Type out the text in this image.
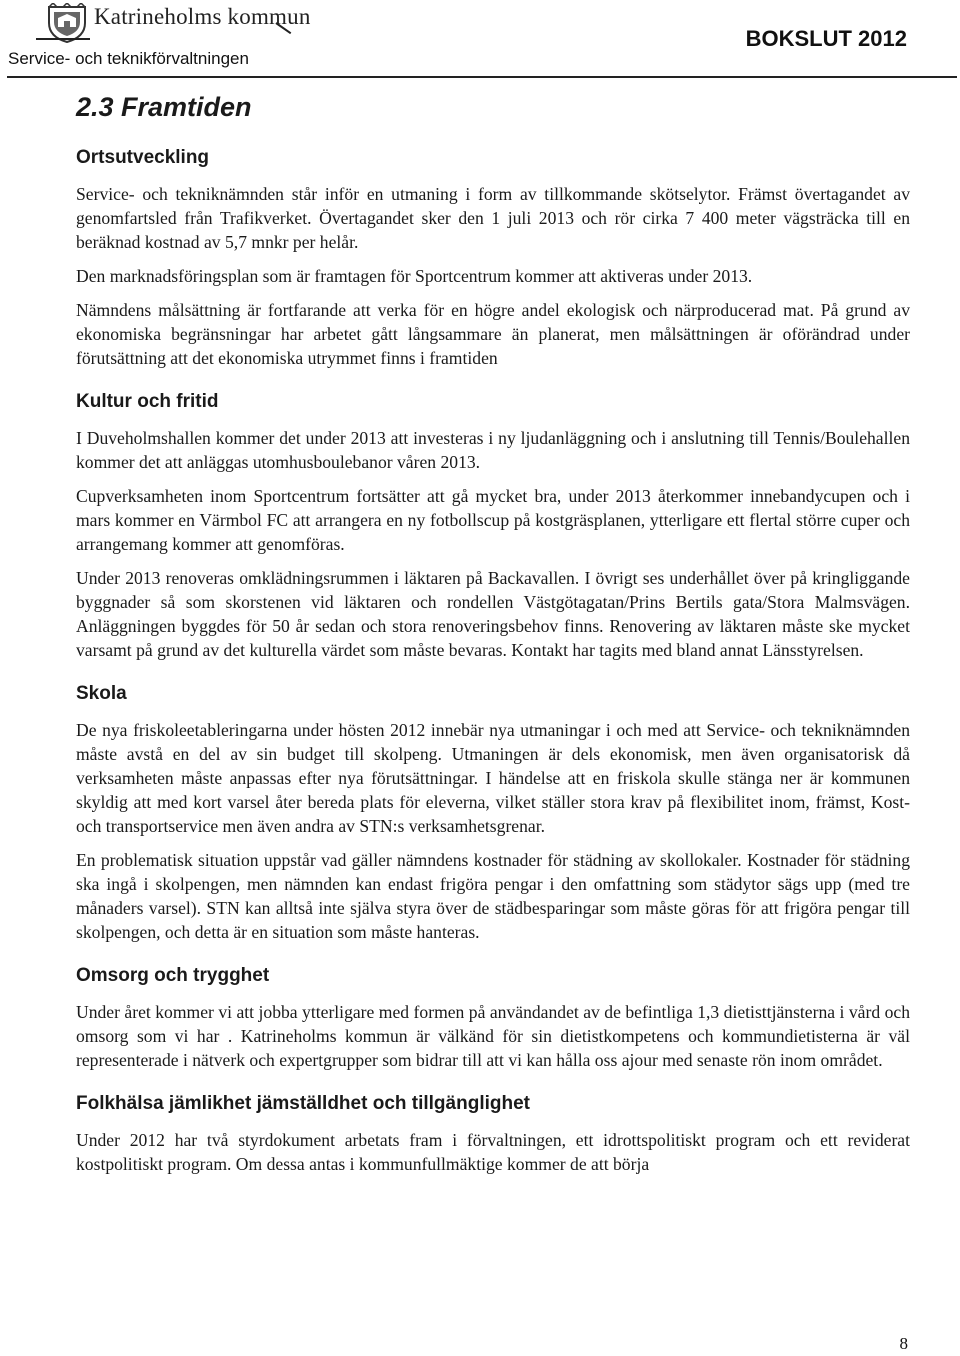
Katrineholms kommun
Service- och teknikförvaltningen
BOKSLUT 2012
2.3 Framtiden
Ortsutveckling

Service- och tekniknämnden står inför en utmaning i form av tillkommande skötselytor. Främst övertagandet av genomfartsled från Trafikverket. Övertagandet sker den 1 juli 2013 och rör cirka 7 400 meter vägsträcka till en beräknad kostnad av 5,7 mnkr per helår.

Den marknadsföringsplan som är framtagen för Sportcentrum kommer att aktiveras under 2013.

Nämndens målsättning är fortfarande att verka för en högre andel ekologisk och närproducerad mat. På grund av ekonomiska begränsningar har arbetet gått långsammare än planerat, men målsättningen är oförändrad under förutsättning att det ekonomiska utrymmet finns i framtiden

Kultur och fritid

I Duveholmshallen kommer det under 2013 att investeras i ny ljudanläggning och i anslutning till Tennis/Boulehallen kommer det att anläggas utomhusboulebanor våren 2013.

Cupverksamheten inom Sportcentrum fortsätter att gå mycket bra, under 2013 återkommer innebandycupen och i mars kommer en Värmbol FC att arrangera en ny fotbollscup på kostgräsplanen, ytterligare ett flertal större cuper och arrangemang kommer att genomföras.

Under 2013 renoveras omklädningsrummen i läktaren på Backavallen. I övrigt ses underhållet över på kringliggande byggnader så som skorstenen vid läktaren och rondellen Västgötagatan/Prins Bertils gata/Stora Malmsvägen. Anläggningen byggdes för 50 år sedan och stora renoveringsbehov finns. Renovering av läktaren måste ske mycket varsamt på grund av det kulturella värdet som måste bevaras. Kontakt har tagits med bland annat Länsstyrelsen.

Skola

De nya friskoleetableringarna under hösten 2012 innebär nya utmaningar i och med att Service- och tekniknämnden måste avstå en del av sin budget till skolpeng. Utmaningen är dels ekonomisk, men även organisatorisk då verksamheten måste anpassas efter nya förutsättningar. I händelse att en friskola skulle stänga ner är kommunen skyldig att med kort varsel åter bereda plats för eleverna, vilket ställer stora krav på flexibilitet inom, främst, Kost- och transportservice men även andra av STN:s verksamhetsgrenar.

En problematisk situation uppstår vad gäller nämndens kostnader för städning av skollokaler. Kostnader för städning ska ingå i skolpengen, men nämnden kan endast frigöra pengar i den omfattning som städytor sägs upp (med tre månaders varsel). STN kan alltså inte själva styra över de städbesparingar som måste göras för att frigöra pengar till skolpengen, och detta är en situation som måste hanteras.

Omsorg och trygghet

Under året kommer vi att jobba ytterligare med formen på användandet av de befintliga 1,3 dietisttjänsterna i vård och omsorg som vi har . Katrineholms kommun är välkänd för sin dietistkompetens och kommundietisterna är väl representerade i nätverk och expertgrupper som bidrar till att vi kan hålla oss ajour med senaste rön inom området.

Folkhälsa jämlikhet jämställdhet och tillgänglighet

Under 2012 har två styrdokument arbetats fram i förvaltningen, ett idrottspolitiskt program och ett reviderat kostpolitiskt program. Om dessa antas i kommunfullmäktige kommer de att börja

8
